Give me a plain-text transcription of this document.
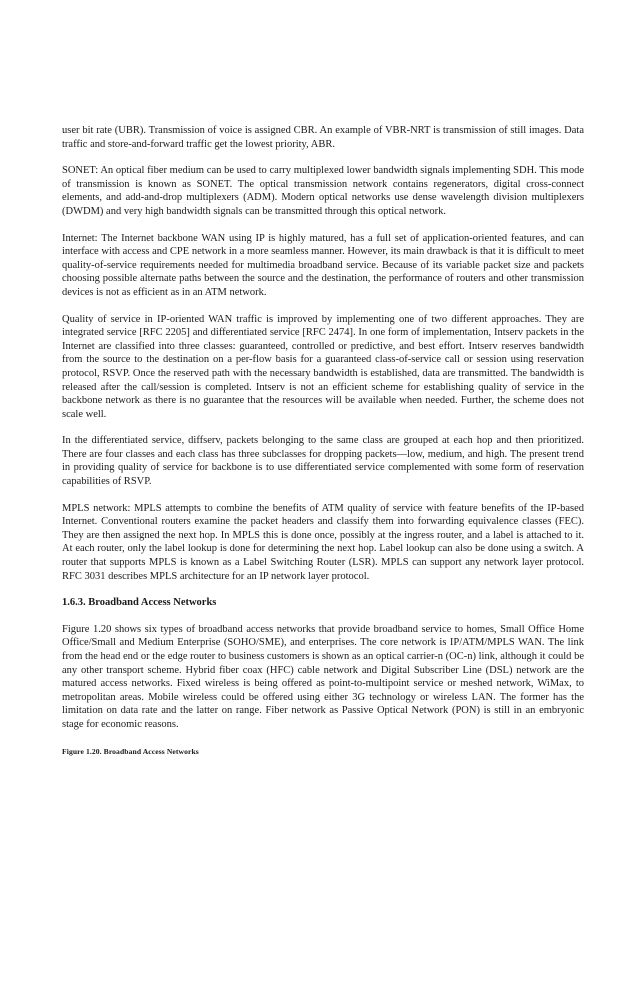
user bit rate (UBR). Transmission of voice is assigned CBR. An example of VBR-NRT is transmission of still images. Data traffic and store-and-forward traffic get the lowest priority, ABR.

SONET: An optical fiber medium can be used to carry multiplexed lower bandwidth signals implementing SDH. This mode of transmission is known as SONET. The optical transmission network contains regenerators, digital cross-connect elements, and add-and-drop multiplexers (ADM). Modern optical networks use dense wavelength division multiplexers (DWDM) and very high bandwidth signals can be transmitted through this optical network.

Internet: The Internet backbone WAN using IP is highly matured, has a full set of application-oriented features, and can interface with access and CPE network in a more seamless manner. However, its main drawback is that it is difficult to meet quality-of-service requirements needed for multimedia broadband service. Because of its variable packet size and packets choosing possible alternate paths between the source and the destination, the performance of routers and other transmission devices is not as efficient as in an ATM network.

Quality of service in IP-oriented WAN traffic is improved by implementing one of two different approaches. They are integrated service [RFC 2205] and differentiated service [RFC 2474]. In one form of implementation, Intserv packets in the Internet are classified into three classes: guaranteed, controlled or predictive, and best effort. Intserv reserves bandwidth from the source to the destination on a per-flow basis for a guaranteed class-of-service call or session using reservation protocol, RSVP. Once the reserved path with the necessary bandwidth is established, data are transmitted. The bandwidth is released after the call/session is completed. Intserv is not an efficient scheme for establishing quality of service in the backbone network as there is no guarantee that the resources will be available when needed. Further, the scheme does not scale well.

In the differentiated service, diffserv, packets belonging to the same class are grouped at each hop and then prioritized. There are four classes and each class has three subclasses for dropping packets—low, medium, and high. The present trend in providing quality of service for backbone is to use differentiated service complemented with some form of reservation capabilities of RSVP.

MPLS network: MPLS attempts to combine the benefits of ATM quality of service with feature benefits of the IP-based Internet. Conventional routers examine the packet headers and classify them into forwarding equivalence classes (FEC). They are then assigned the next hop. In MPLS this is done once, possibly at the ingress router, and a label is attached to it. At each router, only the label lookup is done for determining the next hop. Label lookup can also be done using a switch. A router that supports MPLS is known as a Label Switching Router (LSR). MPLS can support any network layer protocol. RFC 3031 describes MPLS architecture for an IP network layer protocol.

1.6.3. Broadband Access Networks

Figure 1.20 shows six types of broadband access networks that provide broadband service to homes, Small Office Home Office/Small and Medium Enterprise (SOHO/SME), and enterprises. The core network is IP/ATM/MPLS WAN. The link from the head end or the edge router to business customers is shown as an optical carrier-n (OC-n) link, although it could be any other transport scheme. Hybrid fiber coax (HFC) cable network and Digital Subscriber Line (DSL) network are the matured access networks. Fixed wireless is being offered as point-to-multipoint service or meshed network, WiMax, to metropolitan areas. Mobile wireless could be offered using either 3G technology or wireless LAN. The former has the limitation on data rate and the latter on range. Fiber network as Passive Optical Network (PON) is still in an embryonic stage for economic reasons.

Figure 1.20. Broadband Access Networks
